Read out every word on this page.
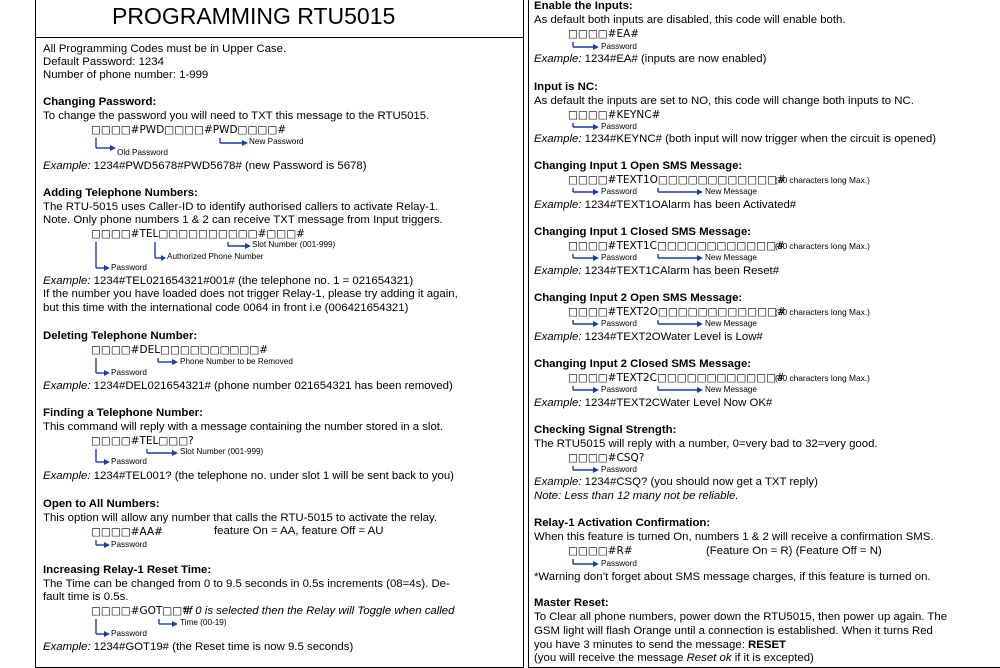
PROGRAMMING RTU5015
All Programming Codes must be in Upper Case.
Default Password: 1234
Number of phone number: 1-999
Changing Password:
To change the password you will need to TXT this message to the RTU5015.
□□□□#PWD□□□□#PWD□□□□#
New Password
Old Password
Example: 1234#PWD5678#PWD5678# (new Password is 5678)
Adding Telephone Numbers:
The RTU-5015 uses Caller-ID to identify authorised callers to activate Relay-1.
Note. Only phone numbers 1 & 2 can receive TXT message from Input triggers.
□□□□#TEL□□□□□□□□□□#□□□#
Slot Number (001-999)
Authorized Phone Number
Password
Example: 1234#TEL021654321#001# (the telephone no. 1 = 021654321)
If the number you have loaded does not trigger Relay-1, please try adding it again,
but this time with the international code 0064 in front i.e (006421654321)
Deleting Telephone Number:
□□□□#DEL□□□□□□□□□□#
Phone Number to be Removed
Password
Example: 1234#DEL021654321# (phone number 021654321 has been removed)
Finding a Telephone Number:
This command will reply with a message containing the number stored in a slot.
□□□□#TEL□□□?
Slot Number (001-999)
Password
Example: 1234#TEL001? (the telephone no. under slot 1 will be sent back to you)
Open to All Numbers:
This option will allow any number that calls the RTU-5015 to activate the relay.
□□□□#AA#	feature On = AA, feature Off = AU
Password
Increasing Relay-1 Reset Time:
The Time can be changed from 0 to 9.5 seconds in 0.5s increments (08=4s). De-
fault time is 0.5s.
□□□□#GOT□□#
*if 0 is selected then the Relay will Toggle when called
Time (00-19)
Password
Example: 1234#GOT19# (the Reset time is now 9.5 seconds)
Enable the Inputs:
As default both inputs are disabled, this code will enable both.
□□□□#EA#
Password
Example: 1234#EA# (inputs are now enabled)
Input is NC:
As default the inputs are set to NO, this code will change both inputs to NC.
□□□□#KEYNC#
Password
Example: 1234#KEYNC# (both input will now trigger when the circuit is opened)
Changing Input 1 Open SMS Message:
□□□□#TEXT1O□□□□□□□□□□□□#
(30 characters long Max.)
Password	New Message
Example: 1234#TEXT1OAlarm has been Activated#
Changing Input 1 Closed SMS Message:
□□□□#TEXT1C□□□□□□□□□□□□#
(30 characters long Max.)
Password	New Message
Example: 1234#TEXT1CAlarm has been Reset#
Changing Input 2 Open SMS Message:
□□□□#TEXT2O□□□□□□□□□□□□#
(30 characters long Max.)
Password	New Message
Example: 1234#TEXT2OWater Level is Low#
Changing Input 2 Closed SMS Message:
□□□□#TEXT2C□□□□□□□□□□□□#
(30 characters long Max.)
Password	New Message
Example: 1234#TEXT2CWater Level Now OK#
Checking Signal Strength:
The RTU5015 will reply with a number, 0=very bad to 32=very good.
□□□□#CSQ?
Password
Example: 1234#CSQ? (you should now get a TXT reply)
Note: Less than 12 many not be reliable.
Relay-1 Activation Confirmation:
When this feature is turned On, numbers 1 & 2 will receive a confirmation SMS.
□□□□#R#	(Feature On = R) (Feature Off = N)
Password
*Warning don’t forget about SMS message charges, if this feature is turned on.
Master Reset:
To Clear all phone numbers, power down the RTU5015, then power up again. The
GSM light will flash Orange until a connection is established. When it turns Red
you have 3 minutes to send the message: RESET
(you will receive the message Reset ok if it is excepted)
